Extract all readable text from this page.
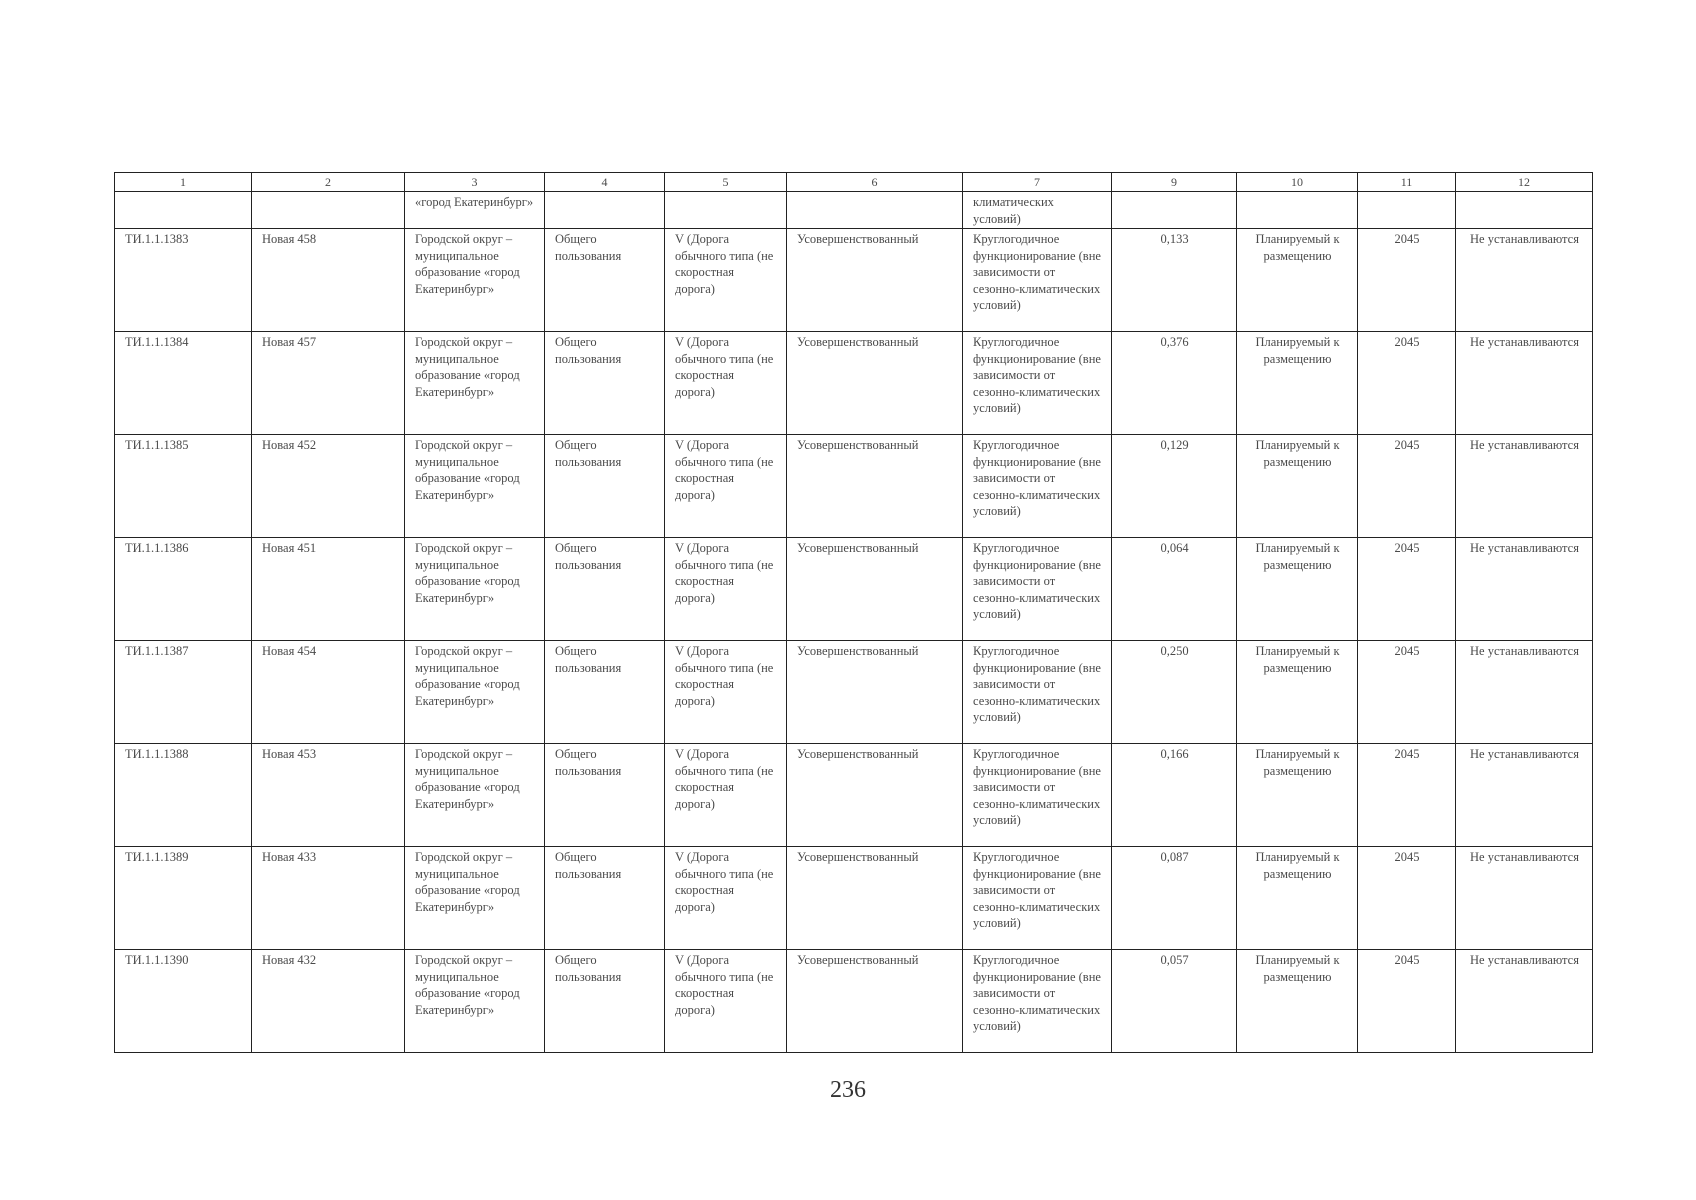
1	2	3	4	5	6	7	9	10	11	12
		«город Екатеринбург»				климатических условий)				
ТИ.1.1.1383	Новая 458	Городской округ – муниципальное образование «город Екатеринбург»	Общего пользования	V (Дорога обычного типа (не скоростная дорога)	Усовершенствованный	Круглогодичное функционирование (вне зависимости от сезонно-климатических условий)	0,133	Планируемый к размещению	2045	Не устанавливаются
ТИ.1.1.1384	Новая 457	Городской округ – муниципальное образование «город Екатеринбург»	Общего пользования	V (Дорога обычного типа (не скоростная дорога)	Усовершенствованный	Круглогодичное функционирование (вне зависимости от сезонно-климатических условий)	0,376	Планируемый к размещению	2045	Не устанавливаются
ТИ.1.1.1385	Новая 452	Городской округ – муниципальное образование «город Екатеринбург»	Общего пользования	V (Дорога обычного типа (не скоростная дорога)	Усовершенствованный	Круглогодичное функционирование (вне зависимости от сезонно-климатических условий)	0,129	Планируемый к размещению	2045	Не устанавливаются
ТИ.1.1.1386	Новая 451	Городской округ – муниципальное образование «город Екатеринбург»	Общего пользования	V (Дорога обычного типа (не скоростная дорога)	Усовершенствованный	Круглогодичное функционирование (вне зависимости от сезонно-климатических условий)	0,064	Планируемый к размещению	2045	Не устанавливаются
ТИ.1.1.1387	Новая 454	Городской округ – муниципальное образование «город Екатеринбург»	Общего пользования	V (Дорога обычного типа (не скоростная дорога)	Усовершенствованный	Круглогодичное функционирование (вне зависимости от сезонно-климатических условий)	0,250	Планируемый к размещению	2045	Не устанавливаются
ТИ.1.1.1388	Новая 453	Городской округ – муниципальное образование «город Екатеринбург»	Общего пользования	V (Дорога обычного типа (не скоростная дорога)	Усовершенствованный	Круглогодичное функционирование (вне зависимости от сезонно-климатических условий)	0,166	Планируемый к размещению	2045	Не устанавливаются
ТИ.1.1.1389	Новая 433	Городской округ – муниципальное образование «город Екатеринбург»	Общего пользования	V (Дорога обычного типа (не скоростная дорога)	Усовершенствованный	Круглогодичное функционирование (вне зависимости от сезонно-климатических условий)	0,087	Планируемый к размещению	2045	Не устанавливаются
ТИ.1.1.1390	Новая 432	Городской округ – муниципальное образование «город Екатеринбург»	Общего пользования	V (Дорога обычного типа (не скоростная дорога)	Усовершенствованный	Круглогодичное функционирование (вне зависимости от сезонно-климатических условий)	0,057	Планируемый к размещению	2045	Не устанавливаются
236
